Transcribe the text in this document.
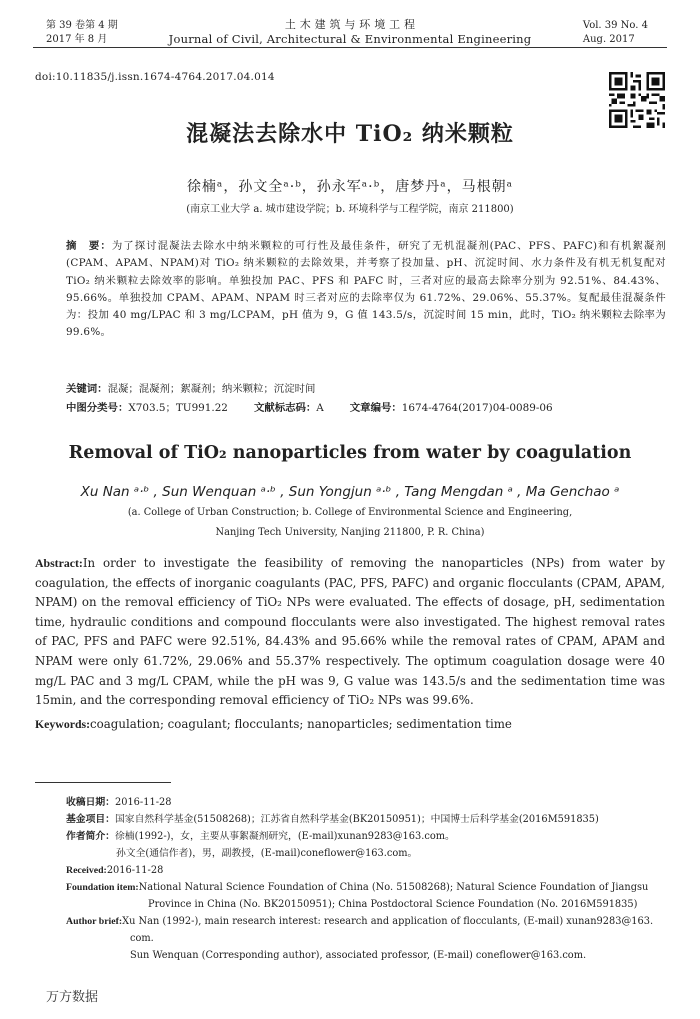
第 39 卷第 4 期
2017 年 8 月
土 木 建 筑 与 环 境 工 程
Journal of Civil, Architectural & Environmental Engineering
Vol. 39 No. 4
Aug. 2017
doi:10.11835/j.issn.1674-4764.2017.04.014
混凝法去除水中 TiO₂ 纳米颗粒
徐楠ᵃ，孙文全ᵃ·ᵇ，孙永军ᵃ·ᵇ，唐梦丹ᵃ，马根朝ᵃ
(南京工业大学 a. 城市建设学院；b. 环境科学与工程学院，南京 211800)
摘　要：为了探讨混凝法去除水中纳米颗粒的可行性及最佳条件，研究了无机混凝剂(PAC、PFS、PAFC)和有机絮凝剂(CPAM、APAM、NPAM)对 TiO₂ 纳米颗粒的去除效果，并考察了投加量、pH、沉淀时间、水力条件及有机无机复配对 TiO₂ 纳米颗粒去除效率的影响。单独投加 PAC、PFS 和 PAFC 时，三者对应的最高去除率分别为 92.51%、84.43%、95.66%。单独投加 CPAM、APAM、NPAM 时三者对应的去除率仅为 61.72%、29.06%、55.37%。复配最佳混凝条件为：投加 40 mg/LPAC 和 3 mg/LCPAM，pH 值为 9，G 值 143.5/s，沉淀时间 15 min，此时，TiO₂ 纳米颗粒去除率为 99.6%。
关键词：混凝；混凝剂；絮凝剂；纳米颗粒；沉淀时间
中图分类号：X703.5；TU991.22	文献标志码：A	文章编号：1674-4764(2017)04-0089-06
Removal of TiO₂ nanoparticles from water by coagulation
Xu Nan ᵃ·ᵇ , Sun Wenquan ᵃ·ᵇ , Sun Yongjun ᵃ·ᵇ , Tang Mengdan ᵃ , Ma Genchao ᵃ
(a. College of Urban Construction; b. College of Environmental Science and Engineering,
Nanjing Tech University, Nanjing 211800, P. R. China)
Abstract:In order to investigate the feasibility of removing the nanoparticles (NPs) from water by coagulation, the effects of inorganic coagulants (PAC, PFS, PAFC) and organic flocculants (CPAM, APAM, NPAM) on the removal efficiency of TiO₂ NPs were evaluated. The effects of dosage, pH, sedimentation time, hydraulic conditions and compound flocculants were also investigated. The highest removal rates of PAC, PFS and PAFC were 92.51%, 84.43% and 95.66% while the removal rates of CPAM, APAM and NPAM were only 61.72%, 29.06% and 55.37% respectively. The optimum coagulation dosage were 40 mg/L PAC and 3 mg/L CPAM, while the pH was 9, G value was 143.5/s and the sedimentation time was 15min, and the corresponding removal efficiency of TiO₂ NPs was 99.6%.
Keywords:coagulation; coagulant; flocculants; nanoparticles; sedimentation time
收稿日期：2016-11-28
基金项目：国家自然科学基金(51508268)；江苏省自然科学基金(BK20150951)；中国博士后科学基金(2016M591835)
作者简介：徐楠(1992-)，女，主要从事絮凝剂研究，(E-mail)xunan9283@163.com。
孙文全(通信作者)，男，副教授，(E-mail)coneflower@163.com。
Received:2016-11-28
Foundation item:National Natural Science Foundation of China (No. 51508268); Natural Science Foundation of Jiangsu
Province in China (No. BK20150951); China Postdoctoral Science Foundation (No. 2016M591835)
Author brief:Xu Nan (1992-), main research interest: research and application of flocculants, (E-mail) xunan9283@163.
com.
Sun Wenquan (Corresponding author), associated professor, (E-mail) coneflower@163.com.
万方数据
